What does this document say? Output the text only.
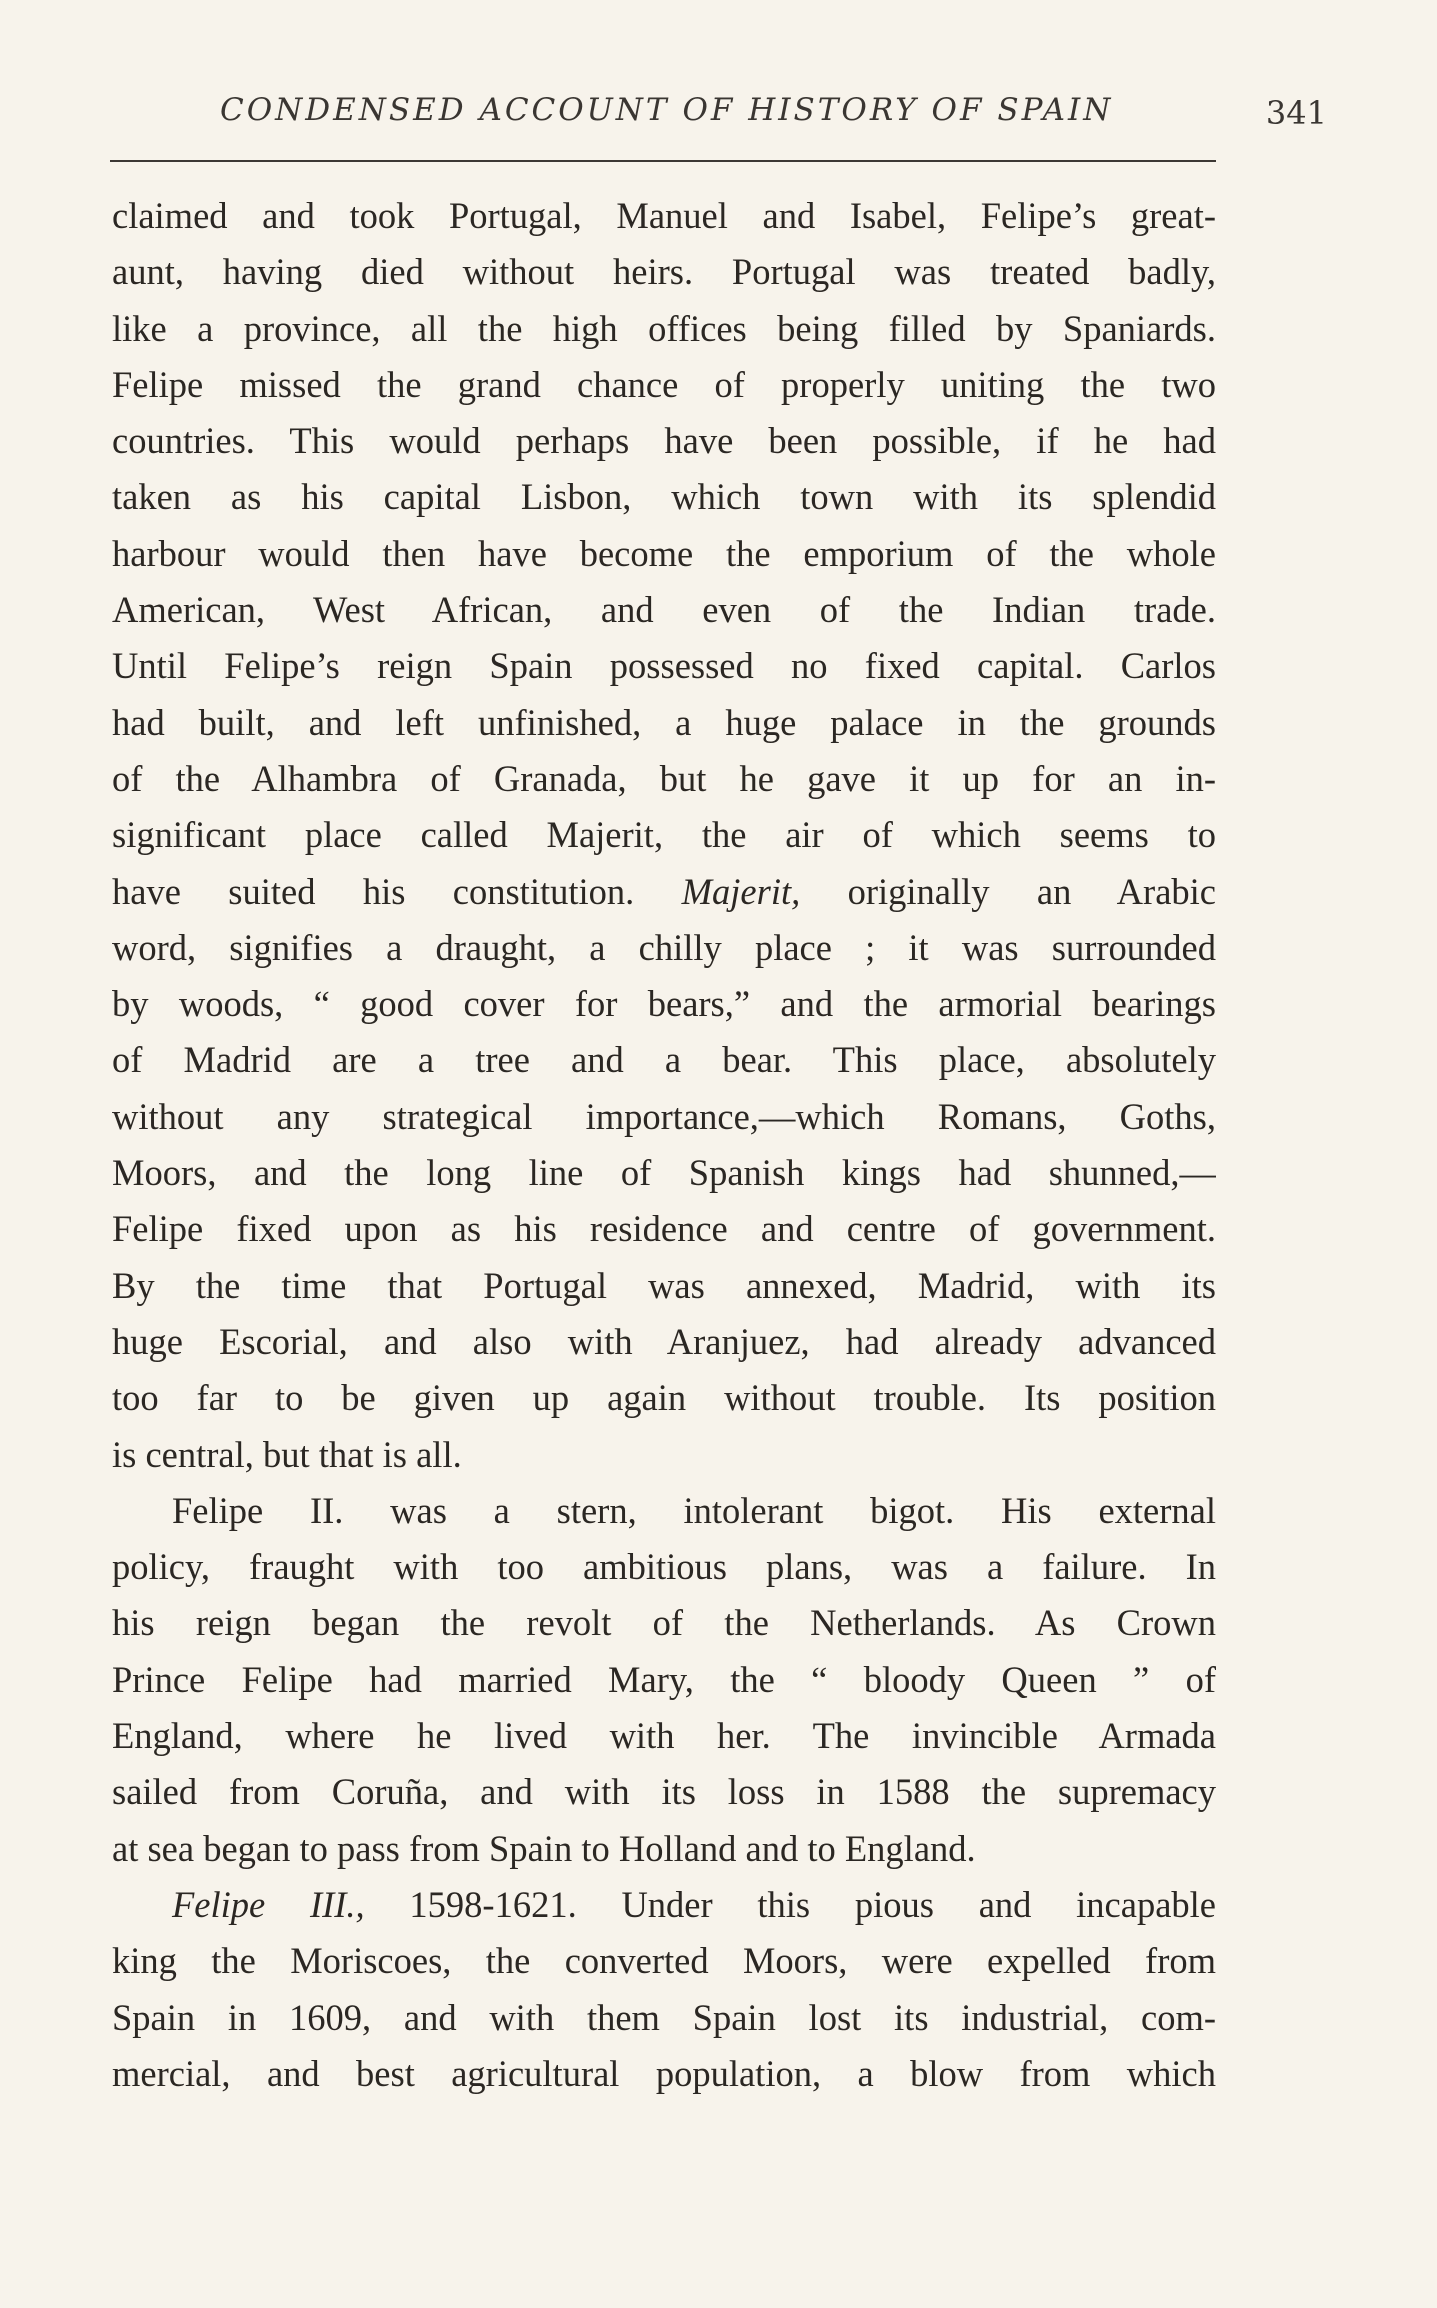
CONDENSED ACCOUNT OF HISTORY OF SPAIN	341
claimed and took Portugal, Manuel and Isabel, Felipe’s great-
aunt, having died without heirs. Portugal was treated badly,
like a province, all the high offices being filled by Spaniards.
Felipe missed the grand chance of properly uniting the two
countries. This would perhaps have been possible, if he had
taken as his capital Lisbon, which town with its splendid
harbour would then have become the emporium of the whole
American, West African, and even of the Indian trade.
Until Felipe’s reign Spain possessed no fixed capital. Carlos
had built, and left unfinished, a huge palace in the grounds
of the Alhambra of Granada, but he gave it up for an in-
significant place called Majerit, the air of which seems to
have suited his constitution. Majerit, originally an Arabic
word, signifies a draught, a chilly place ; it was surrounded
by woods, “ good cover for bears,” and the armorial bearings
of Madrid are a tree and a bear. This place, absolutely
without any strategical importance,—which Romans, Goths,
Moors, and the long line of Spanish kings had shunned,—
Felipe fixed upon as his residence and centre of government.
By the time that Portugal was annexed, Madrid, with its
huge Escorial, and also with Aranjuez, had already advanced
too far to be given up again without trouble. Its position
is central, but that is all.
Felipe II. was a stern, intolerant bigot. His external
policy, fraught with too ambitious plans, was a failure. In
his reign began the revolt of the Netherlands. As Crown
Prince Felipe had married Mary, the “ bloody Queen ” of
England, where he lived with her. The invincible Armada
sailed from Coruña, and with its loss in 1588 the supremacy
at sea began to pass from Spain to Holland and to England.
Felipe III., 1598-1621. Under this pious and incapable
king the Moriscoes, the converted Moors, were expelled from
Spain in 1609, and with them Spain lost its industrial, com-
mercial, and best agricultural population, a blow from which
